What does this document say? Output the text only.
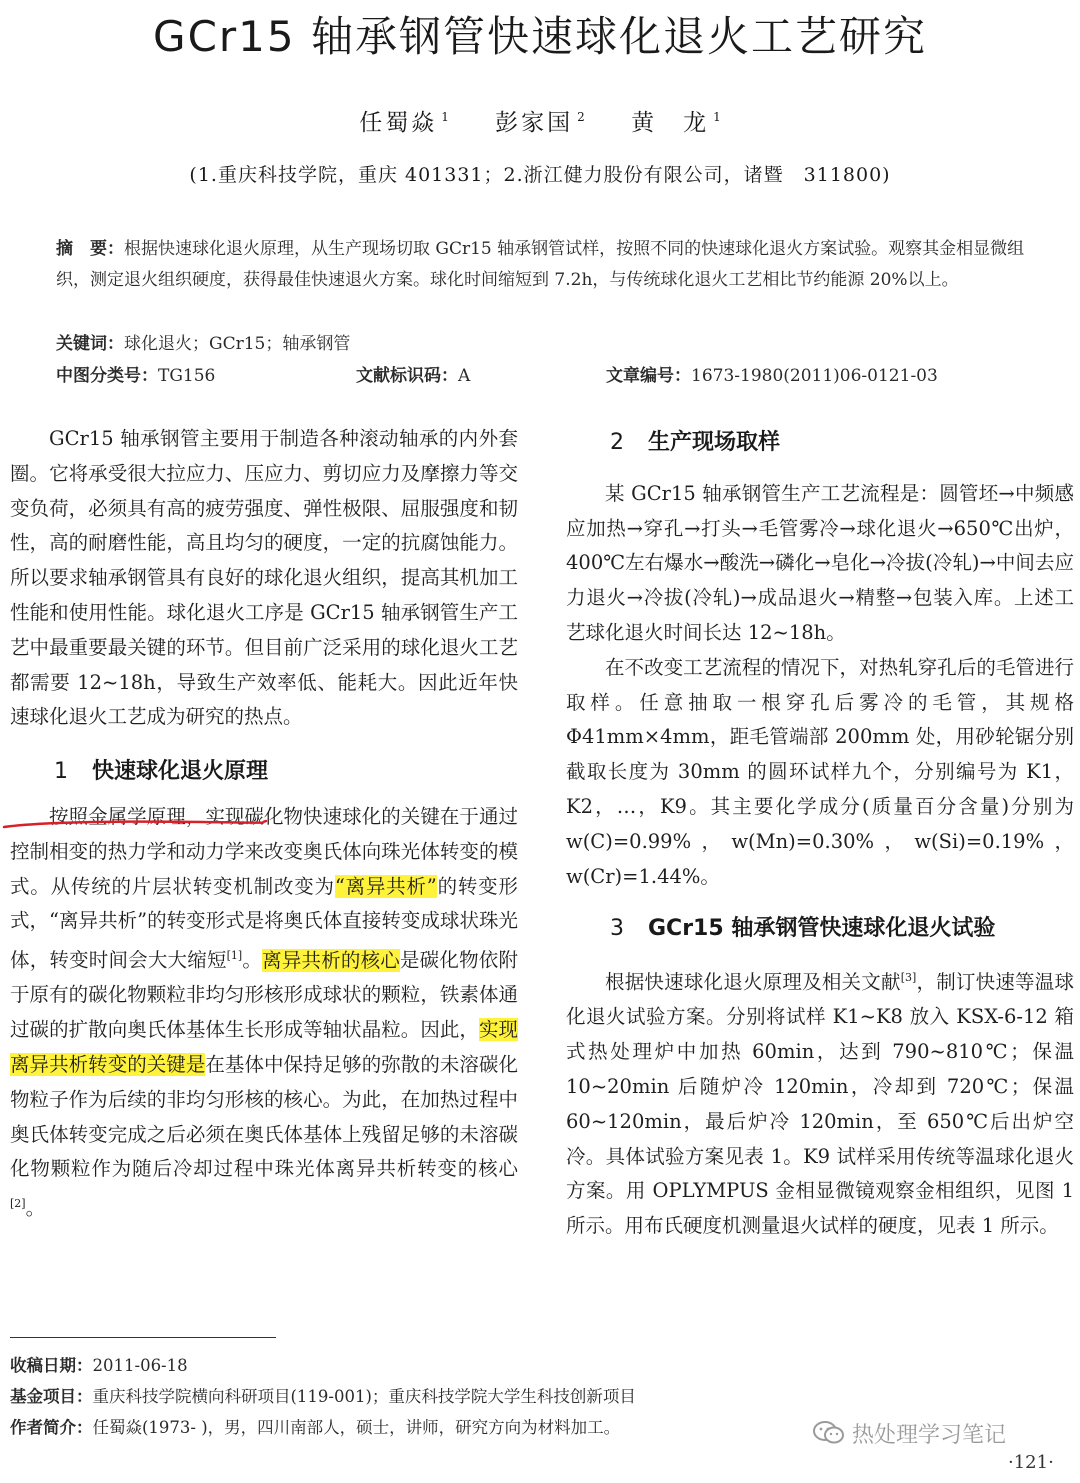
GCr15 轴承钢管快速球化退火工艺研究
任蜀焱 $^1$ 彭家国 $^2$ 黄　龙 $^1$
(1.重庆科技学院，重庆 401331；2.浙江健力股份有限公司，诸暨　311800)
摘　要：根据快速球化退火原理，从生产现场切取 GCr15 轴承钢管试样，按照不同的快速球化退火方案试验。观察其金相显微组织，测定退火组织硬度，获得最佳快速退火方案。球化时间缩短到 7.2h，与传统球化退火工艺相比节约能源 20%以上。
关键词：球化退火；GCr15；轴承钢管
中图分类号：TG156	文献标识码：A	文章编号：1673-1980(2011)06-0121-03

GCr15 轴承钢管主要用于制造各种滚动轴承的内外套圈。它将承受很大拉应力、压应力、剪切应力及摩擦力等交变负荷，必须具有高的疲劳强度、弹性极限、屈服强度和韧性，高的耐磨性能，高且均匀的硬度，一定的抗腐蚀能力。所以要求轴承钢管具有良好的球化退火组织，提高其机加工性能和使用性能。球化退火工序是 GCr15 轴承钢管生产工艺中最重要最关键的环节。但目前广泛采用的球化退火工艺都需要 12~18h，导致生产效率低、能耗大。因此近年快速球化退火工艺成为研究的热点。

1 快速球化退火原理

按照金属学原理，实现碳化物快速球化的关键在于通过控制相变的热力学和动力学来改变奥氏体向珠光体转变的模式。从传统的片层状转变机制改变为“离异共析”的转变形式，“离异共析”的转变形式是将奥氏体直接转变成球状珠光体，转变时间会大大缩短[1]。离异共析的核心是碳化物依附于原有的碳化物颗粒非均匀形核形成球状的颗粒，铁素体通过碳的扩散向奥氏体基体生长形成等轴状晶粒。因此，实现离异共析转变的关键是在基体中保持足够的弥散的未溶碳化物粒子作为后续的非均匀形核的核心。为此，在加热过程中奥氏体转变完成之后必须在奥氏体基体上残留足够的未溶碳化物颗粒作为随后冷却过程中珠光体离异共析转变的核心[2]。

2 生产现场取样

某 GCr15 轴承钢管生产工艺流程是：圆管坯→中频感应加热→穿孔→打头→毛管雾冷→球化退火→650℃出炉，400℃左右爆水→酸洗→磷化→皂化→冷拔(冷轧)→中间去应力退火→冷拔(冷轧)→成品退火→精整→包装入库。上述工艺球化退火时间长达 12~18h。

在不改变工艺流程的情况下，对热轧穿孔后的毛管进行取样。任意抽取一根穿孔后雾冷的毛管，其规格 Φ41mm×4mm，距毛管端部 200mm 处，用砂轮锯分别截取长度为 30mm 的圆环试样九个，分别编号为 K1，K2，…，K9。其主要化学成分(质量百分含量)分别为 w(C)=0.99%，w(Mn)=0.30%，w(Si)=0.19%，w(Cr)=1.44%。

3 GCr15 轴承钢管快速球化退火试验

根据快速球化退火原理及相关文献[3]，制订快速等温球化退火试验方案。分别将试样 K1~K8 放入 KSX-6-12 箱式热处理炉中加热 60min，达到 790~810℃；保温 10~20min 后随炉冷 120min，冷却到 720℃；保温 60~120min，最后炉冷 120min，至 650℃后出炉空冷。具体试验方案见表 1。K9 试样采用传统等温球化退火方案。用 OPLYMPUS 金相显微镜观察金相组织，见图 1 所示。用布氏硬度机测量退火试样的硬度，见表 1 所示。

收稿日期：2011-06-18
基金项目：重庆科技学院横向科研项目(119-001)；重庆科技学院大学生科技创新项目
作者简介：任蜀焱(1973- )，男，四川南部人，硕士，讲师，研究方向为材料加工。	热处理学习笔记
·121·
